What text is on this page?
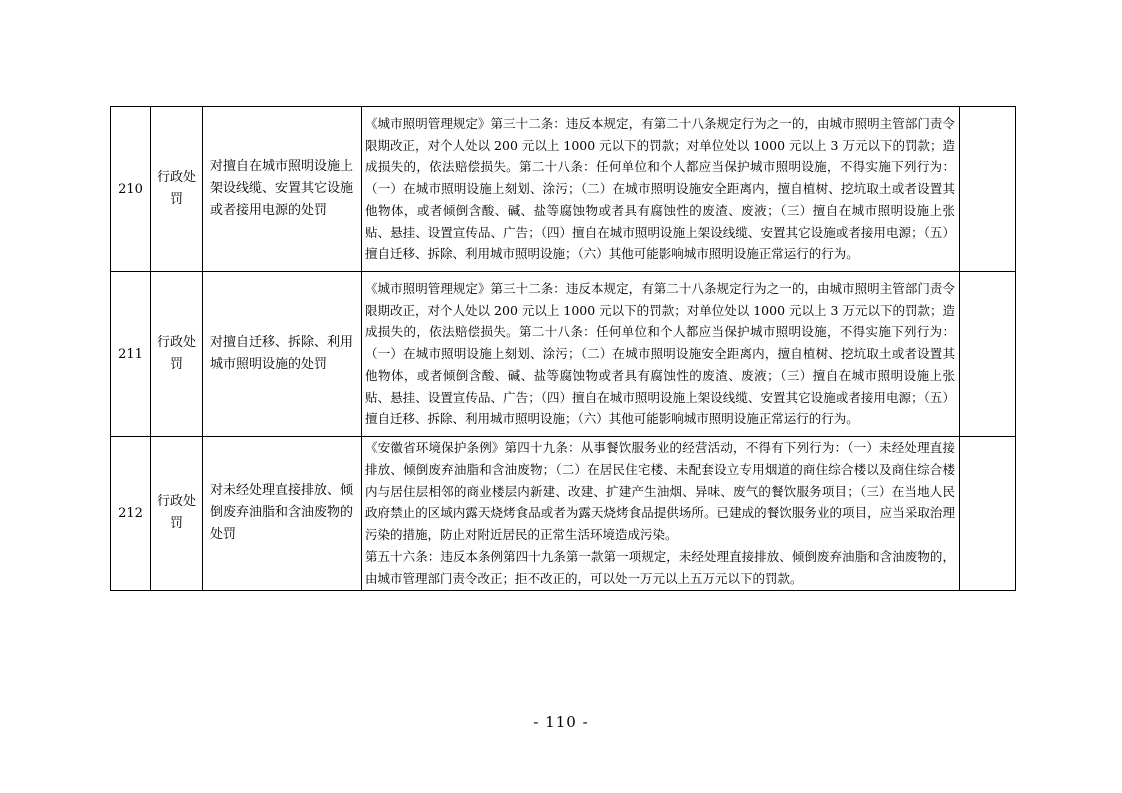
210	行政处罚	对擅自在城市照明设施上架设线缆、安置其它设施或者接用电源的处罚	《城市照明管理规定》第三十二条：违反本规定，有第二十八条规定行为之一的，由城市照明主管部门责令限期改正，对个人处以 200 元以上 1000 元以下的罚款；对单位处以 1000 元以上 3 万元以下的罚款；造成损失的，依法赔偿损失。第二十八条：任何单位和个人都应当保护城市照明设施，不得实施下列行为：（一）在城市照明设施上刻划、涂污；（二）在城市照明设施安全距离内，擅自植树、挖坑取土或者设置其他物体，或者倾倒含酸、碱、盐等腐蚀物或者具有腐蚀性的废渣、废液；（三）擅自在城市照明设施上张贴、悬挂、设置宣传品、广告；（四）擅自在城市照明设施上架设线缆、安置其它设施或者接用电源；（五）擅自迁移、拆除、利用城市照明设施；（六）其他可能影响城市照明设施正常运行的行为。	

211	行政处罚	对擅自迁移、拆除、利用城市照明设施的处罚	《城市照明管理规定》第三十二条：违反本规定，有第二十八条规定行为之一的，由城市照明主管部门责令限期改正，对个人处以 200 元以上 1000 元以下的罚款；对单位处以 1000 元以上 3 万元以下的罚款；造成损失的，依法赔偿损失。第二十八条：任何单位和个人都应当保护城市照明设施，不得实施下列行为：（一）在城市照明设施上刻划、涂污；（二）在城市照明设施安全距离内，擅自植树、挖坑取土或者设置其他物体，或者倾倒含酸、碱、盐等腐蚀物或者具有腐蚀性的废渣、废液；（三）擅自在城市照明设施上张贴、悬挂、设置宣传品、广告；（四）擅自在城市照明设施上架设线缆、安置其它设施或者接用电源；（五）擅自迁移、拆除、利用城市照明设施；（六）其他可能影响城市照明设施正常运行的行为。	

212	行政处罚	对未经处理直接排放、倾倒废弃油脂和含油废物的处罚	《安徽省环境保护条例》第四十九条：从事餐饮服务业的经营活动，不得有下列行为：（一）未经处理直接排放、倾倒废弃油脂和含油废物；（二）在居民住宅楼、未配套设立专用烟道的商住综合楼以及商住综合楼内与居住层相邻的商业楼层内新建、改建、扩建产生油烟、异味、废气的餐饮服务项目；（三）在当地人民政府禁止的区域内露天烧烤食品或者为露天烧烤食品提供场所。已建成的餐饮服务业的项目，应当采取治理污染的措施，防止对附近居民的正常生活环境造成污染。

第五十六条：违反本条例第四十九条第一款第一项规定，未经处理直接排放、倾倒废弃油脂和含油废物的，由城市管理部门责令改正；拒不改正的，可以处一万元以上五万元以下的罚款。	

- 110 -
